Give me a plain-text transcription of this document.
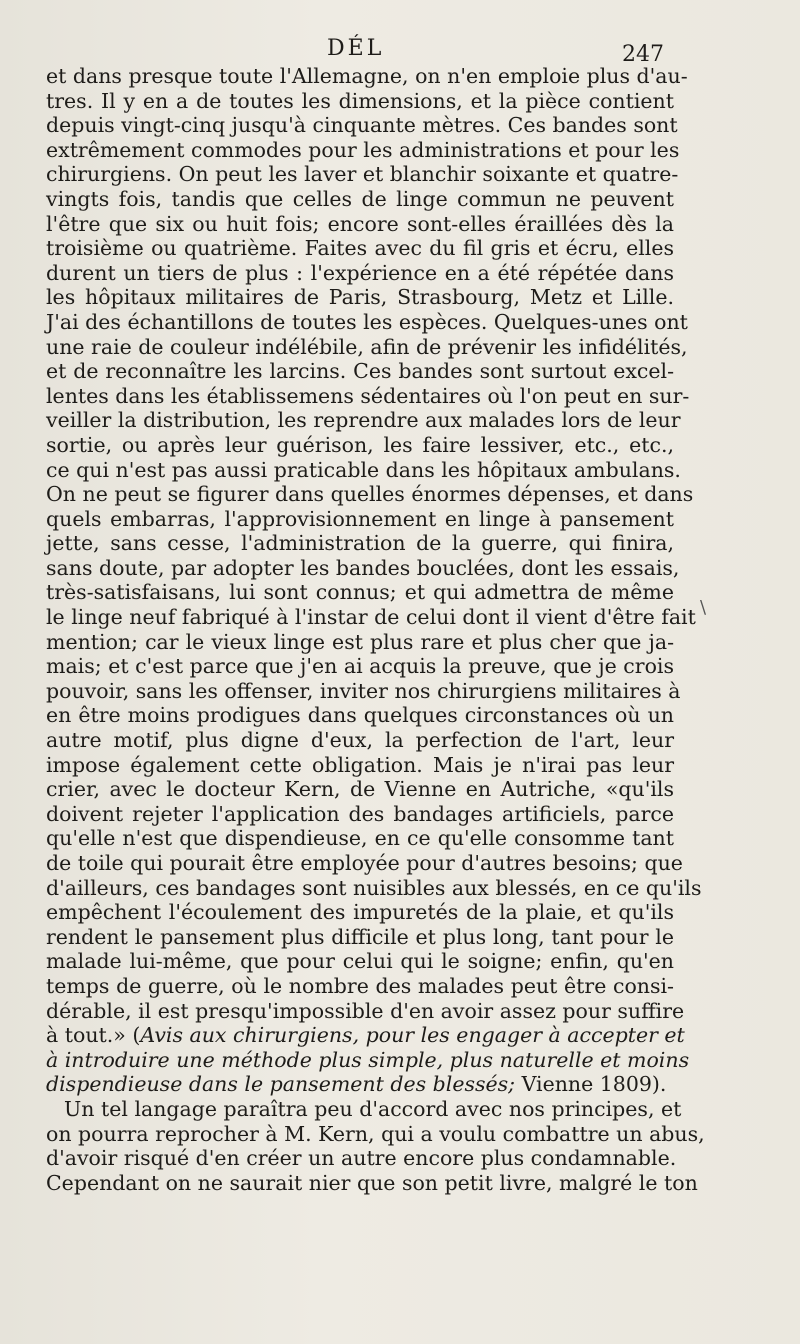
DÉL	247
et dans presque toute l'Allemagne, on n'en emploie plus d'au-
tres. Il y en a de toutes les dimensions, et la pièce contient
depuis vingt-cinq jusqu'à cinquante mètres. Ces bandes sont
extrêmement commodes pour les administrations et pour les
chirurgiens. On peut les laver et blanchir soixante et quatre-
vingts fois, tandis que celles de linge commun ne peuvent
l'être que six ou huit fois; encore sont-elles éraillées dès la
troisième ou quatrième. Faites avec du fil gris et écru, elles
durent un tiers de plus : l'expérience en a été répétée dans
les hôpitaux militaires de Paris, Strasbourg, Metz et Lille.
J'ai des échantillons de toutes les espèces. Quelques-unes ont
une raie de couleur indélébile, afin de prévenir les infidélités,
et de reconnaître les larcins. Ces bandes sont surtout excel-
lentes dans les établissemens sédentaires où l'on peut en sur-
veiller la distribution, les reprendre aux malades lors de leur
sortie, ou après leur guérison, les faire lessiver, etc., etc.,
ce qui n'est pas aussi praticable dans les hôpitaux ambulans.
On ne peut se figurer dans quelles énormes dépenses, et dans
quels embarras, l'approvisionnement en linge à pansement
jette, sans cesse, l'administration de la guerre, qui finira,
sans doute, par adopter les bandes bouclées, dont les essais,
très-satisfaisans, lui sont connus; et qui admettra de même
le linge neuf fabriqué à l'instar de celui dont il vient d'être fait
mention; car le vieux linge est plus rare et plus cher que ja-
mais; et c'est parce que j'en ai acquis la preuve, que je crois
pouvoir, sans les offenser, inviter nos chirurgiens militaires à
en être moins prodigues dans quelques circonstances où un
autre motif, plus digne d'eux, la perfection de l'art, leur
impose également cette obligation. Mais je n'irai pas leur
crier, avec le docteur Kern, de Vienne en Autriche, «qu'ils
doivent rejeter l'application des bandages artificiels, parce
qu'elle n'est que dispendieuse, en ce qu'elle consomme tant
de toile qui pourait être employée pour d'autres besoins; que
d'ailleurs, ces bandages sont nuisibles aux blessés, en ce qu'ils
empêchent l'écoulement des impuretés de la plaie, et qu'ils
rendent le pansement plus difficile et plus long, tant pour le
malade lui-même, que pour celui qui le soigne; enfin, qu'en
temps de guerre, où le nombre des malades peut être consi-
dérable, il est presqu'impossible d'en avoir assez pour suffire
à tout.» (Avis aux chirurgiens, pour les engager à accepter et
à introduire une méthode plus simple, plus naturelle et moins
dispendieuse dans le pansement des blessés; Vienne 1809).
Un tel langage paraîtra peu d'accord avec nos principes, et
on pourra reprocher à M. Kern, qui a voulu combattre un abus,
d'avoir risqué d'en créer un autre encore plus condamnable.
Cependant on ne saurait nier que son petit livre, malgré le ton
\
